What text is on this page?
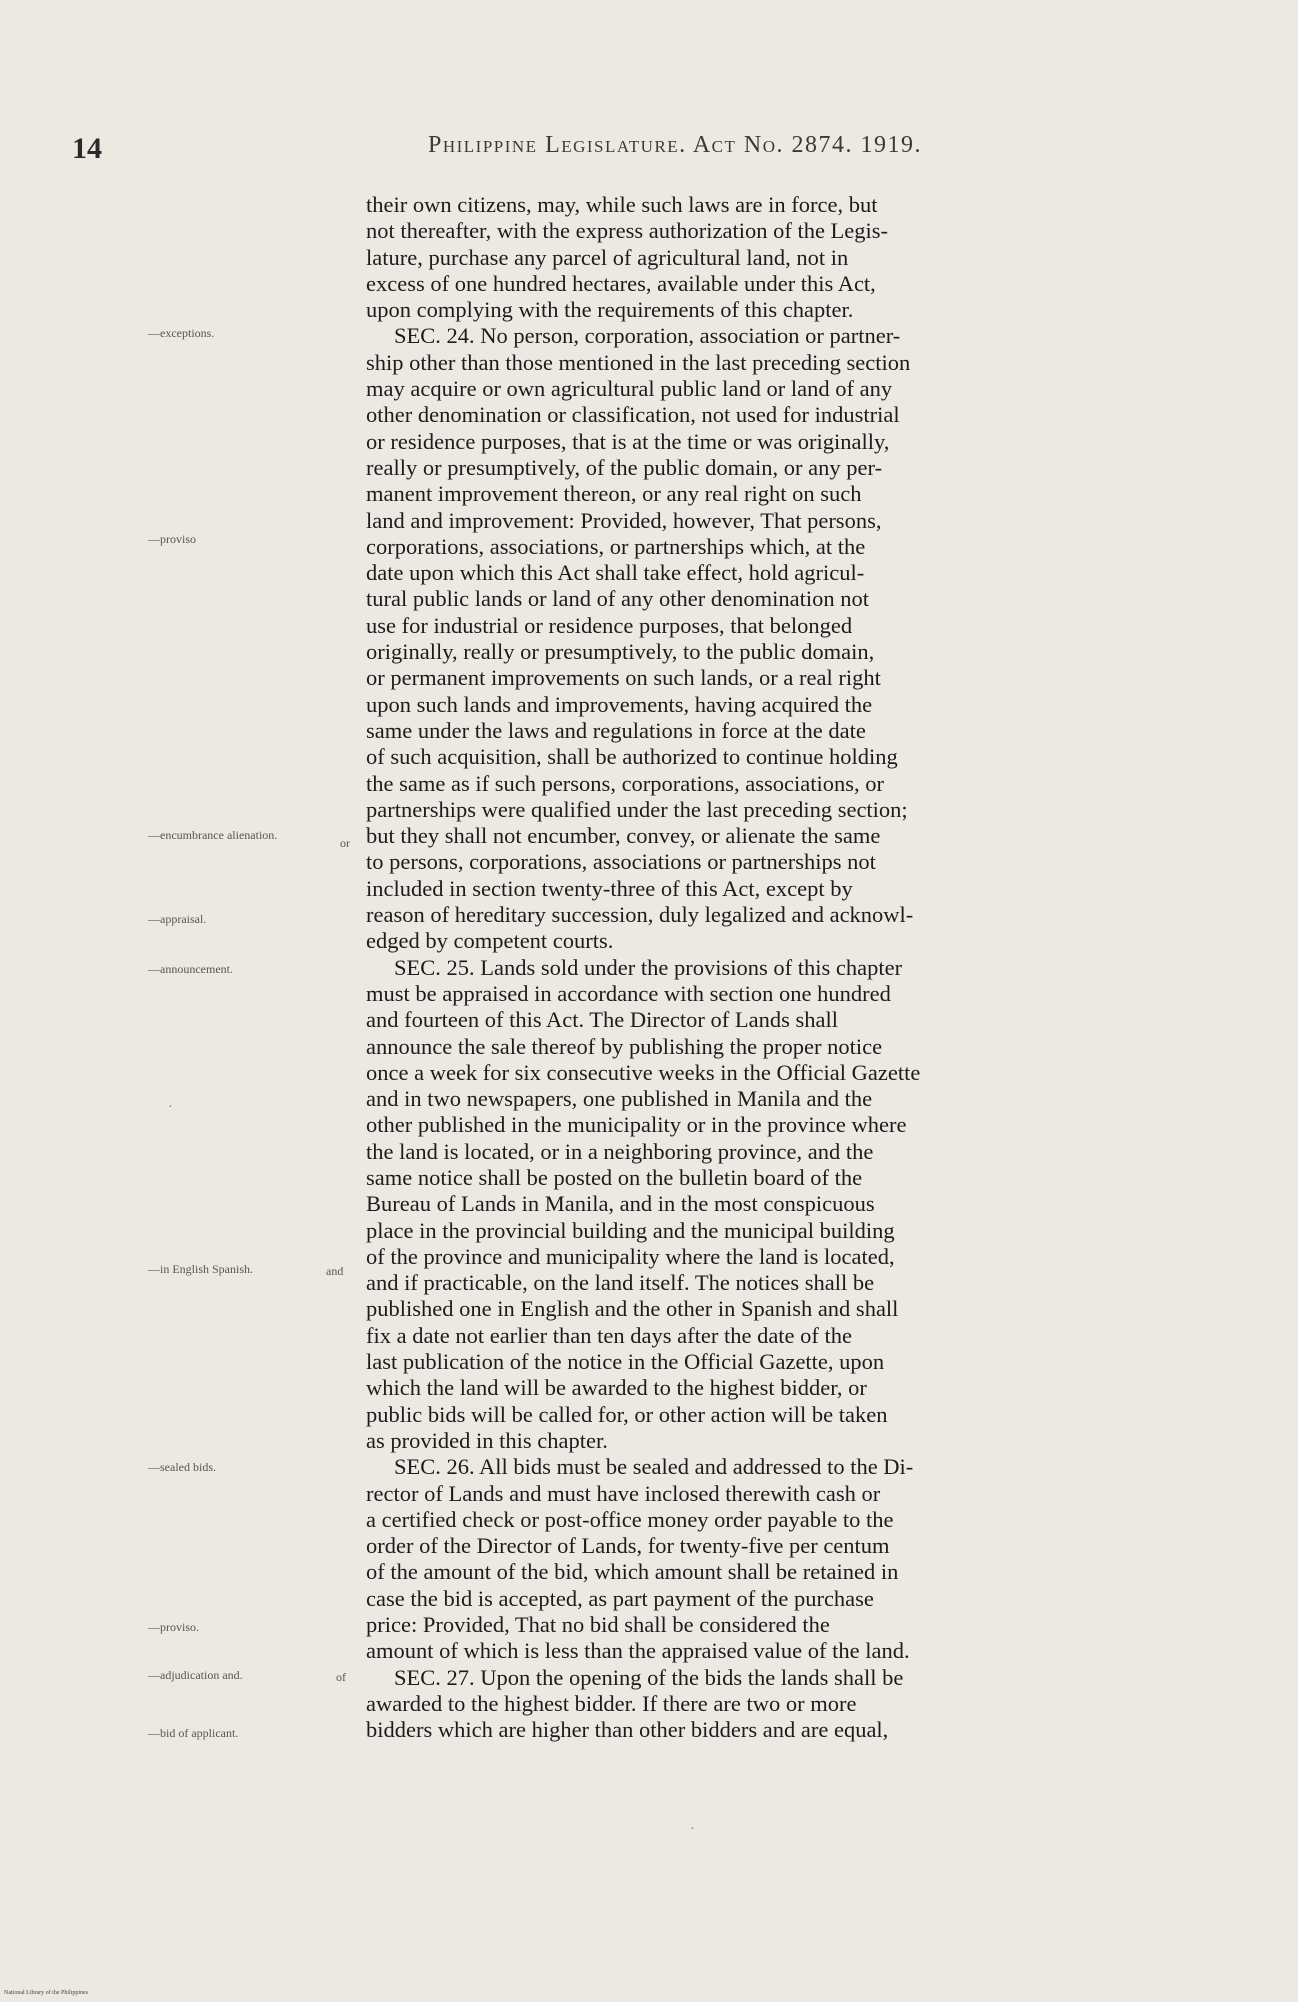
14	Philippine Legislature. Act No. 2874. 1919.
their own citizens, may, while such laws are in force, but
not thereafter, with the express authorization of the Legis-
lature, purchase any parcel of agricultural land, not in
excess of one hundred hectares, available under this Act,
upon complying with the requirements of this chapter.
SEC. 24. No person, corporation, association or partner-
ship other than those mentioned in the last preceding section
may acquire or own agricultural public land or land of any
other denomination or classification, not used for industrial
or residence purposes, that is at the time or was originally,
really or presumptively, of the public domain, or any per-
manent improvement thereon, or any real right on such
land and improvement: Provided, however, That persons,
corporations, associations, or partnerships which, at the
date upon which this Act shall take effect, hold agricul-
tural public lands or land of any other denomination not
use for industrial or residence purposes, that belonged
originally, really or presumptively, to the public domain,
or permanent improvements on such lands, or a real right
upon such lands and improvements, having acquired the
same under the laws and regulations in force at the date
of such acquisition, shall be authorized to continue holding
the same as if such persons, corporations, associations, or
partnerships were qualified under the last preceding section;
but they shall not encumber, convey, or alienate the same
to persons, corporations, associations or partnerships not
included in section twenty-three of this Act, except by
reason of hereditary succession, duly legalized and acknowl-
edged by competent courts.
SEC. 25. Lands sold under the provisions of this chapter
must be appraised in accordance with section one hundred
and fourteen of this Act. The Director of Lands shall
announce the sale thereof by publishing the proper notice
once a week for six consecutive weeks in the Official Gazette
and in two newspapers, one published in Manila and the
other published in the municipality or in the province where
the land is located, or in a neighboring province, and the
same notice shall be posted on the bulletin board of the
Bureau of Lands in Manila, and in the most conspicuous
place in the provincial building and the municipal building
of the province and municipality where the land is located,
and if practicable, on the land itself. The notices shall be
published one in English and the other in Spanish and shall
fix a date not earlier than ten days after the date of the
last publication of the notice in the Official Gazette, upon
which the land will be awarded to the highest bidder, or
public bids will be called for, or other action will be taken
as provided in this chapter.
SEC. 26. All bids must be sealed and addressed to the Di-
rector of Lands and must have inclosed therewith cash or
a certified check or post-office money order payable to the
order of the Director of Lands, for twenty-five per centum
of the amount of the bid, which amount shall be retained in
case the bid is accepted, as part payment of the purchase
price: Provided, That no bid shall be considered the
amount of which is less than the appraised value of the land.
SEC. 27. Upon the opening of the bids the lands shall be
awarded to the highest bidder. If there are two or more
bidders which are higher than other bidders and are equal,
—exceptions.
—proviso
—encumbrance alienation.
or
—appraisal.
—announcement.
—in English Spanish.	and
—sealed bids.
—proviso.
—adjudication and.	of
—bid of applicant.
·
·
National Library of the Philippines
